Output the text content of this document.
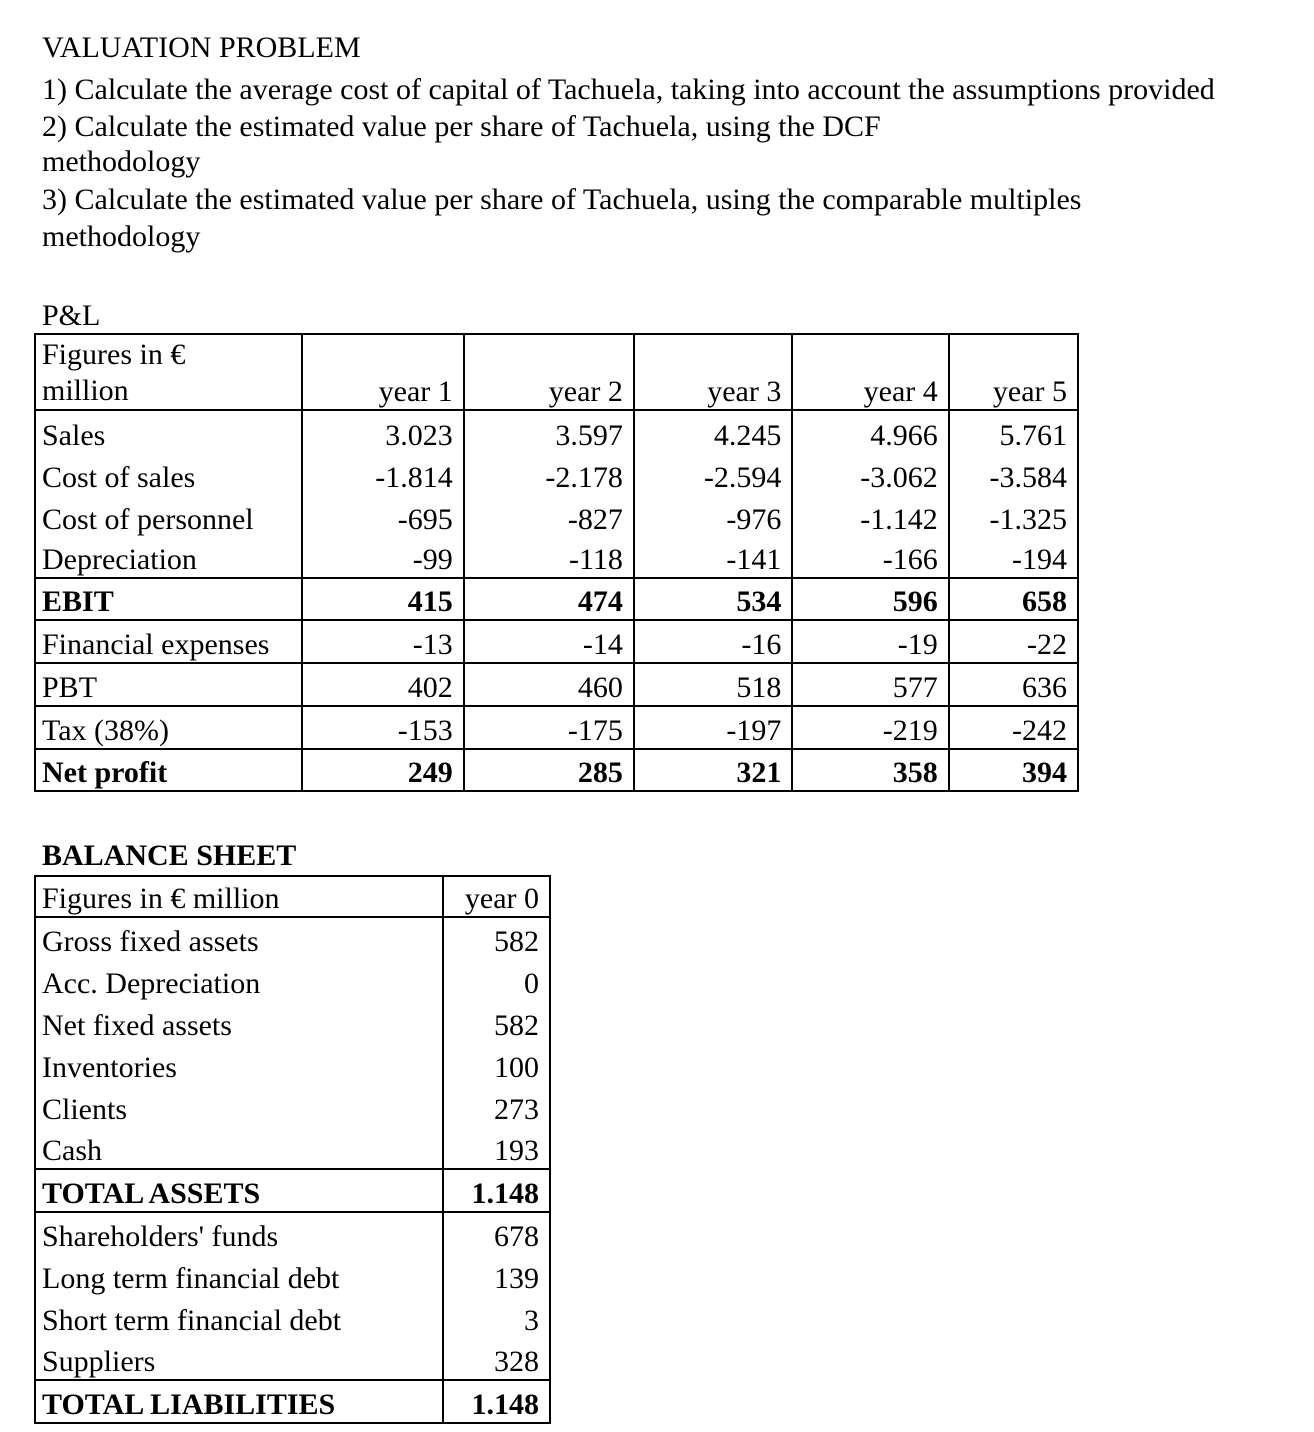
VALUATION PROBLEM
1) Calculate the average cost of capital of Tachuela, taking into account the assumptions provided
2) Calculate the estimated value per share of Tachuela, using the DCF
methodology
3) Calculate the estimated value per share of Tachuela, using the comparable multiples
methodology
P&L
Figures in €
million	year 1	year 2	year 3	year 4	year 5
Sales	3.023	3.597	4.245	4.966	5.761
Cost of sales	-1.814	-2.178	-2.594	-3.062	-3.584
Cost of personnel	-695	-827	-976	-1.142	-1.325
Depreciation	-99	-118	-141	-166	-194
EBIT	415	474	534	596	658
Financial expenses	-13	-14	-16	-19	-22
PBT	402	460	518	577	636
Tax (38%)	-153	-175	-197	-219	-242
Net profit	249	285	321	358	394
BALANCE SHEET
Figures in € million	year 0
Gross fixed assets	582
Acc. Depreciation	0
Net fixed assets	582
Inventories	100
Clients	273
Cash	193
TOTAL ASSETS	1.148
Shareholders' funds	678
Long term financial debt	139
Short term financial debt	3
Suppliers	328
TOTAL LIABILITIES	1.148
